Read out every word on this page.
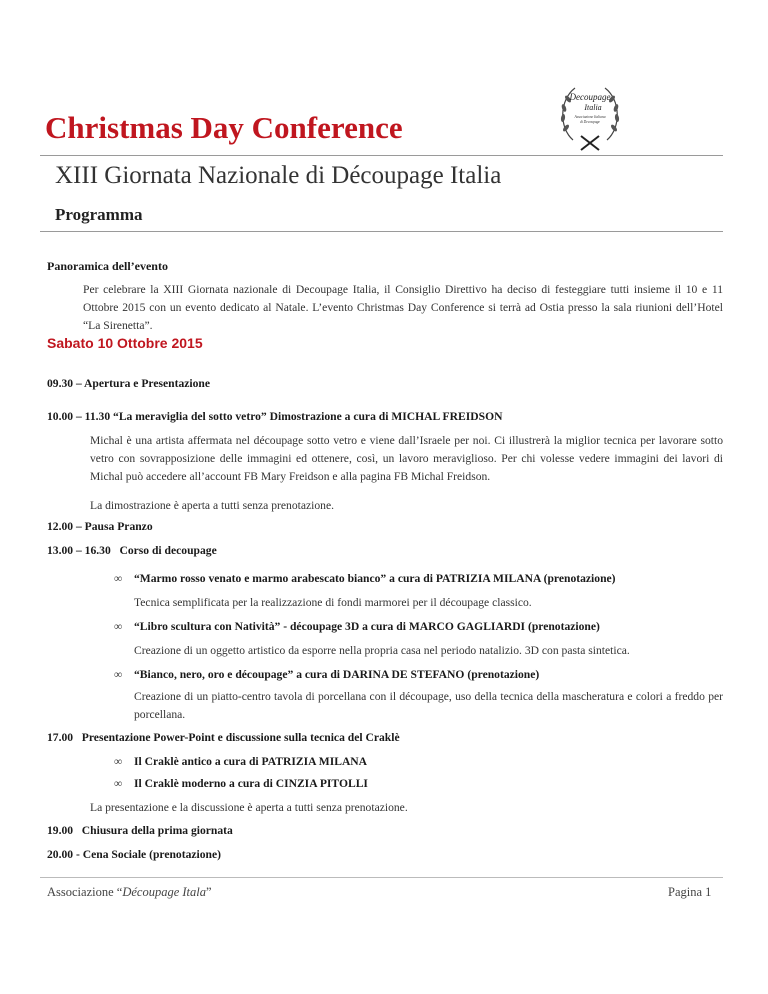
Decoupage
Italia
Associazione Italiana
di Decoupage
Christmas Day Conference
XIII Giornata Nazionale di Découpage Italia
Programma
Panoramica dell’evento
Per celebrare la XIII Giornata nazionale di Decoupage Italia, il Consiglio Direttivo ha deciso di festeggiare tutti insieme il 10 e 11 Ottobre 2015 con un evento dedicato al Natale. L’evento Christmas Day Conference si terrà ad Ostia presso la sala riunioni dell’Hotel “La Sirenetta”.
Sabato 10 Ottobre 2015
09.30 – Apertura e Presentazione
10.00 – 11.30 “La meraviglia del sotto vetro” Dimostrazione a cura di MICHAL FREIDSON
Michal è una artista affermata nel découpage sotto vetro e viene dall’Israele per noi. Ci illustrerà la miglior tecnica per lavorare sotto vetro con sovrapposizione delle immagini ed ottenere, così, un lavoro meraviglioso. Per chi volesse vedere immagini dei lavori di Michal può accedere all’account FB Mary Freidson e alla pagina FB Michal Freidson.
La dimostrazione è aperta a tutti senza prenotazione.
12.00 – Pausa Pranzo
13.00 – 16.30   Corso di decoupage
∞ “Marmo rosso venato e marmo arabescato bianco” a cura di PATRIZIA MILANA (prenotazione)
Tecnica semplificata per la realizzazione di fondi marmorei per il découpage classico.
∞ “Libro scultura con Natività” - découpage 3D a cura di MARCO GAGLIARDI (prenotazione)
Creazione di un oggetto artistico da esporre nella propria casa nel periodo natalizio. 3D con pasta sintetica.
∞ “Bianco, nero, oro e découpage” a cura di DARINA DE STEFANO (prenotazione)
Creazione di un piatto-centro tavola di porcellana con il découpage, uso della tecnica della mascheratura e colori a freddo per porcellana.
17.00   Presentazione Power-Point e discussione sulla tecnica del Craklè
∞ Il Craklè antico a cura di PATRIZIA MILANA
∞ Il Craklè moderno a cura di CINZIA PITOLLI
La presentazione e la discussione è aperta a tutti senza prenotazione.
19.00   Chiusura della prima giornata
20.00 - Cena Sociale (prenotazione)
Associazione “Découpage Itala”	Pagina 1
